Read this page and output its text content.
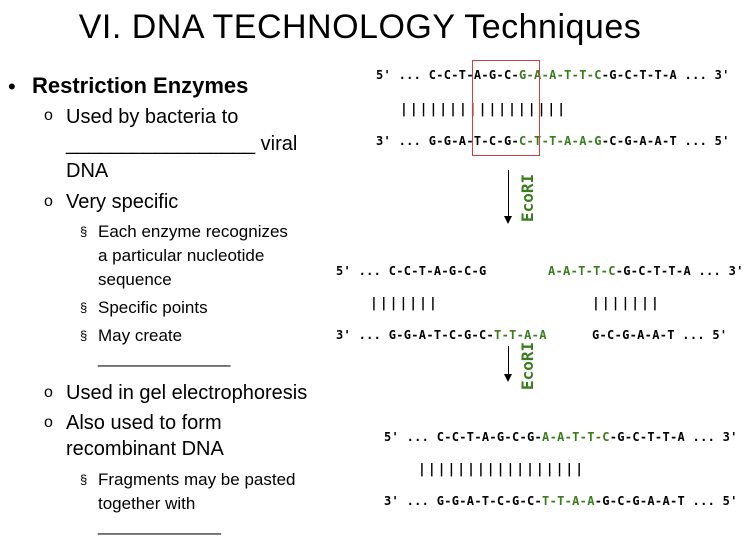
VI. DNA TECHNOLOGY Techniques
• Restriction Enzymes
o Used by bacteria to
_________________ viral
DNA
o Very specific
§ Each enzyme recognizes
a particular nucleotide
sequence
§ Specific points
§ May create
______________
o Used in gel electrophoresis
o Also used to form
recombinant DNA
§ Fragments may be pasted
together with
_____________
5' ... C-C-T-A-G-C-G-A-A-T-T-C-G-C-T-T-A ... 3'
|||||||||||||||||
3' ... G-G-A-T-C-G-C-T-T-A-A-G-C-G-A-A-T ... 5'
EcoRI
5' ... C-C-T-A-G-C-G	A-A-T-T-C-G-C-T-T-A ... 3'
|||||||	|||||||
3' ... G-G-A-T-C-G-C-T-T-A-A	G-C-G-A-A-T ... 5'
EcoRI
5' ... C-C-T-A-G-C-G-A-A-T-T-C-G-C-T-T-A ... 3'
|||||||||||||||||
3' ... G-G-A-T-C-G-C-T-T-A-A-G-C-G-A-A-T ... 5'
